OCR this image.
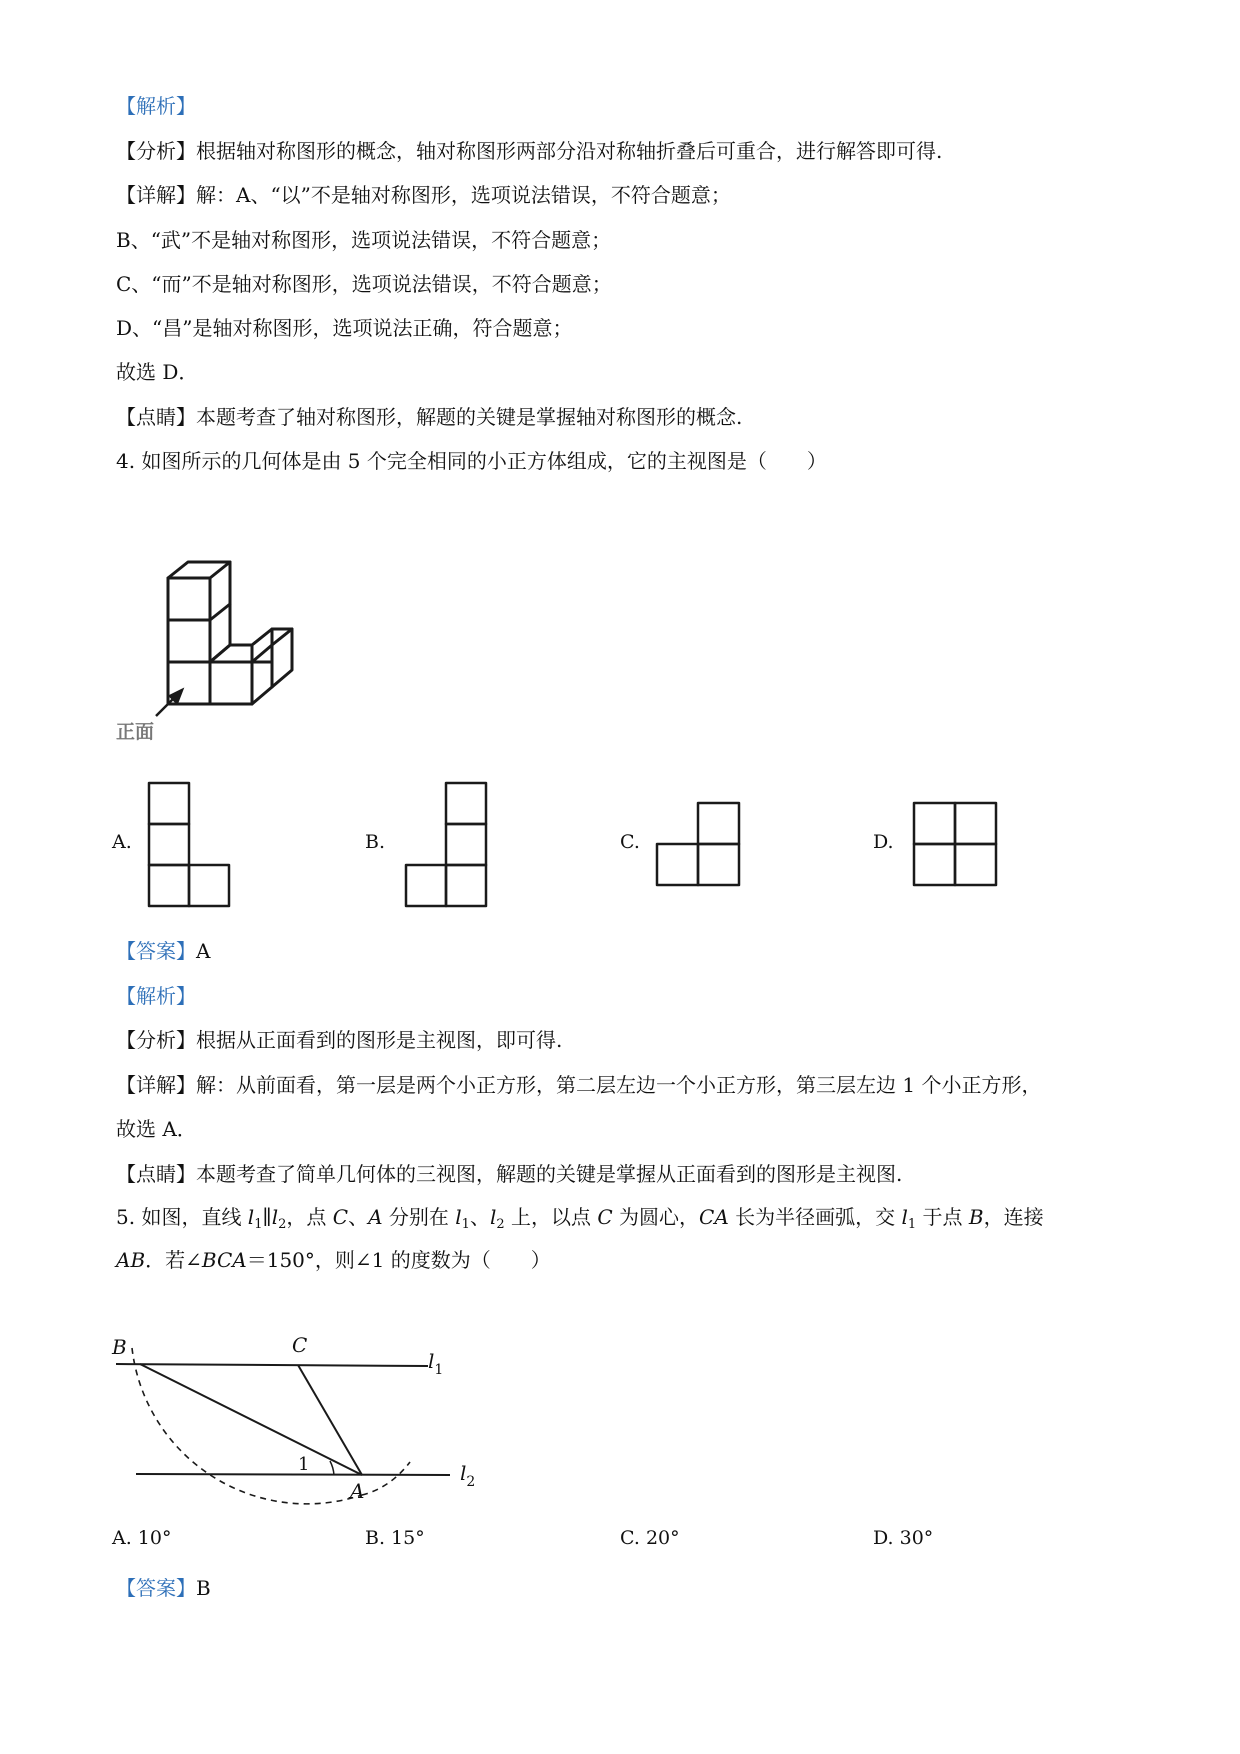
【解析】

【分析】根据轴对称图形的概念，轴对称图形两部分沿对称轴折叠后可重合，进行解答即可得.

【详解】解：A、“以”不是轴对称图形，选项说法错误，不符合题意；

B、“武”不是轴对称图形，选项说法错误，不符合题意；

C、“而”不是轴对称图形，选项说法错误，不符合题意；

D、“昌”是轴对称图形，选项说法正确，符合题意；

故选 D．

【点睛】本题考查了轴对称图形，解题的关键是掌握轴对称图形的概念.

4. 如图所示的几何体是由 5 个完全相同的小正方体组成，它的主视图是（　　）

正面

A.	B.	C.	D.

【答案】A

【解析】

【分析】根据从正面看到的图形是主视图，即可得.

【详解】解：从前面看，第一层是两个小正方形，第二层左边一个小正方形，第三层左边 1 个小正方形，

故选 A．

【点睛】本题考查了简单几何体的三视图，解题的关键是掌握从正面看到的图形是主视图.

5. 如图，直线 $l_1\parallel l_2$，点 C、A 分别在 $l_1$、$l_2$ 上，以点 C 为圆心，CA 长为半径画弧，交 $l_1$ 于点 B，连接

AB．若∠BCA＝150°，则∠1 的度数为（　　）

B	C
A
$l_1$
$l_2$
1
A. 10°	B. 15°	C. 20°	D. 30°

【答案】B
